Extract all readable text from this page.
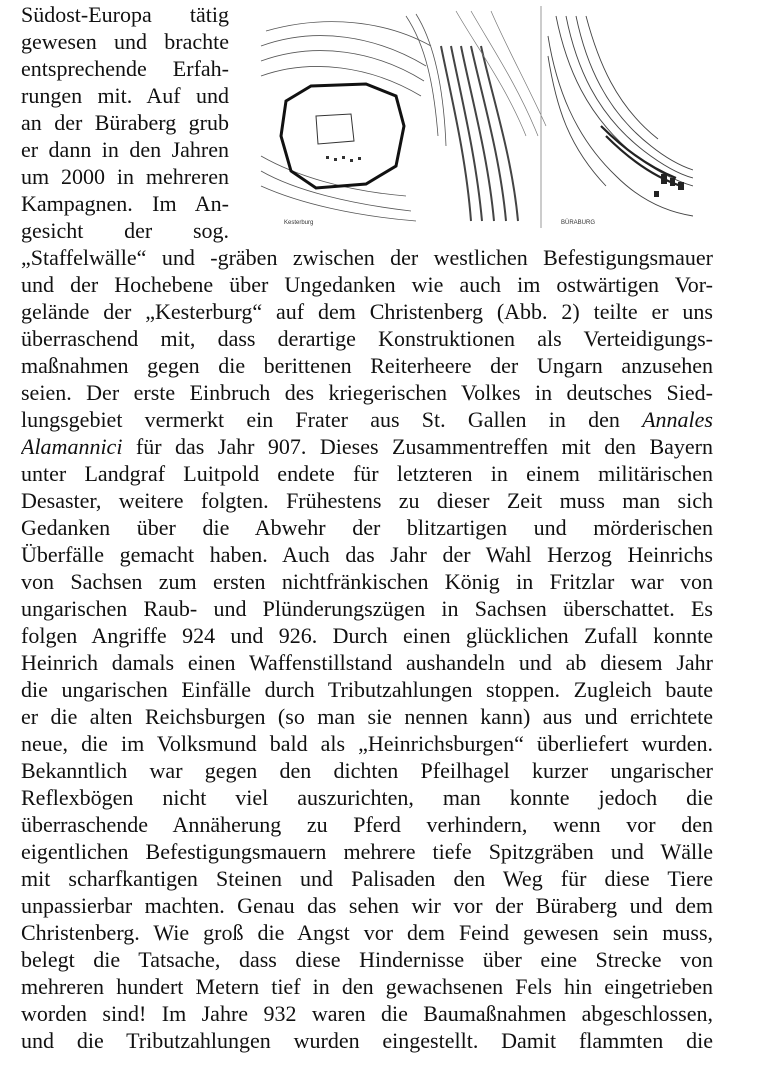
Kesterburg	BÜRABURG
Südost-Europa tätig
gewesen und brachte
entsprechende Erfah-
rungen mit. Auf und
an der Büraberg grub
er dann in den Jahren
um 2000 in mehreren
Kampagnen. Im An-
gesicht der sog.
„Staffelwälle“ und -gräben zwischen der westlichen Befestigungsmauer
und der Hochebene über Ungedanken wie auch im ostwärtigen Vor-
gelände der „Kesterburg“ auf dem Christenberg (Abb. 2) teilte er uns
überraschend mit, dass derartige Konstruktionen als Verteidigungs-
maßnahmen gegen die berittenen Reiterheere der Ungarn anzusehen
seien. Der erste Einbruch des kriegerischen Volkes in deutsches Sied-
lungsgebiet vermerkt ein Frater aus St. Gallen in den Annales
Alamannici für das Jahr 907. Dieses Zusammentreffen mit den Bayern
unter Landgraf Luitpold endete für letzteren in einem militärischen
Desaster, weitere folgten. Frühestens zu dieser Zeit muss man sich
Gedanken über die Abwehr der blitzartigen und mörderischen
Überfälle gemacht haben. Auch das Jahr der Wahl Herzog Heinrichs
von Sachsen zum ersten nichtfränkischen König in Fritzlar war von
ungarischen Raub- und Plünderungszügen in Sachsen überschattet. Es
folgen Angriffe 924 und 926. Durch einen glücklichen Zufall konnte
Heinrich damals einen Waffenstillstand aushandeln und ab diesem Jahr
die ungarischen Einfälle durch Tributzahlungen stoppen. Zugleich baute
er die alten Reichsburgen (so man sie nennen kann) aus und errichtete
neue, die im Volksmund bald als „Heinrichsburgen“ überliefert wurden.
Bekanntlich war gegen den dichten Pfeilhagel kurzer ungarischer
Reflexbögen nicht viel auszurichten, man konnte jedoch die
überraschende Annäherung zu Pferd verhindern, wenn vor den
eigentlichen Befestigungsmauern mehrere tiefe Spitzgräben und Wälle
mit scharfkantigen Steinen und Palisaden den Weg für diese Tiere
unpassierbar machten. Genau das sehen wir vor der Büraberg und dem
Christenberg. Wie groß die Angst vor dem Feind gewesen sein muss,
belegt die Tatsache, dass diese Hindernisse über eine Strecke von
mehreren hundert Metern tief in den gewachsenen Fels hin eingetrieben
worden sind! Im Jahre 932 waren die Baumaßnahmen abgeschlossen,
und die Tributzahlungen wurden eingestellt. Damit flammten die
